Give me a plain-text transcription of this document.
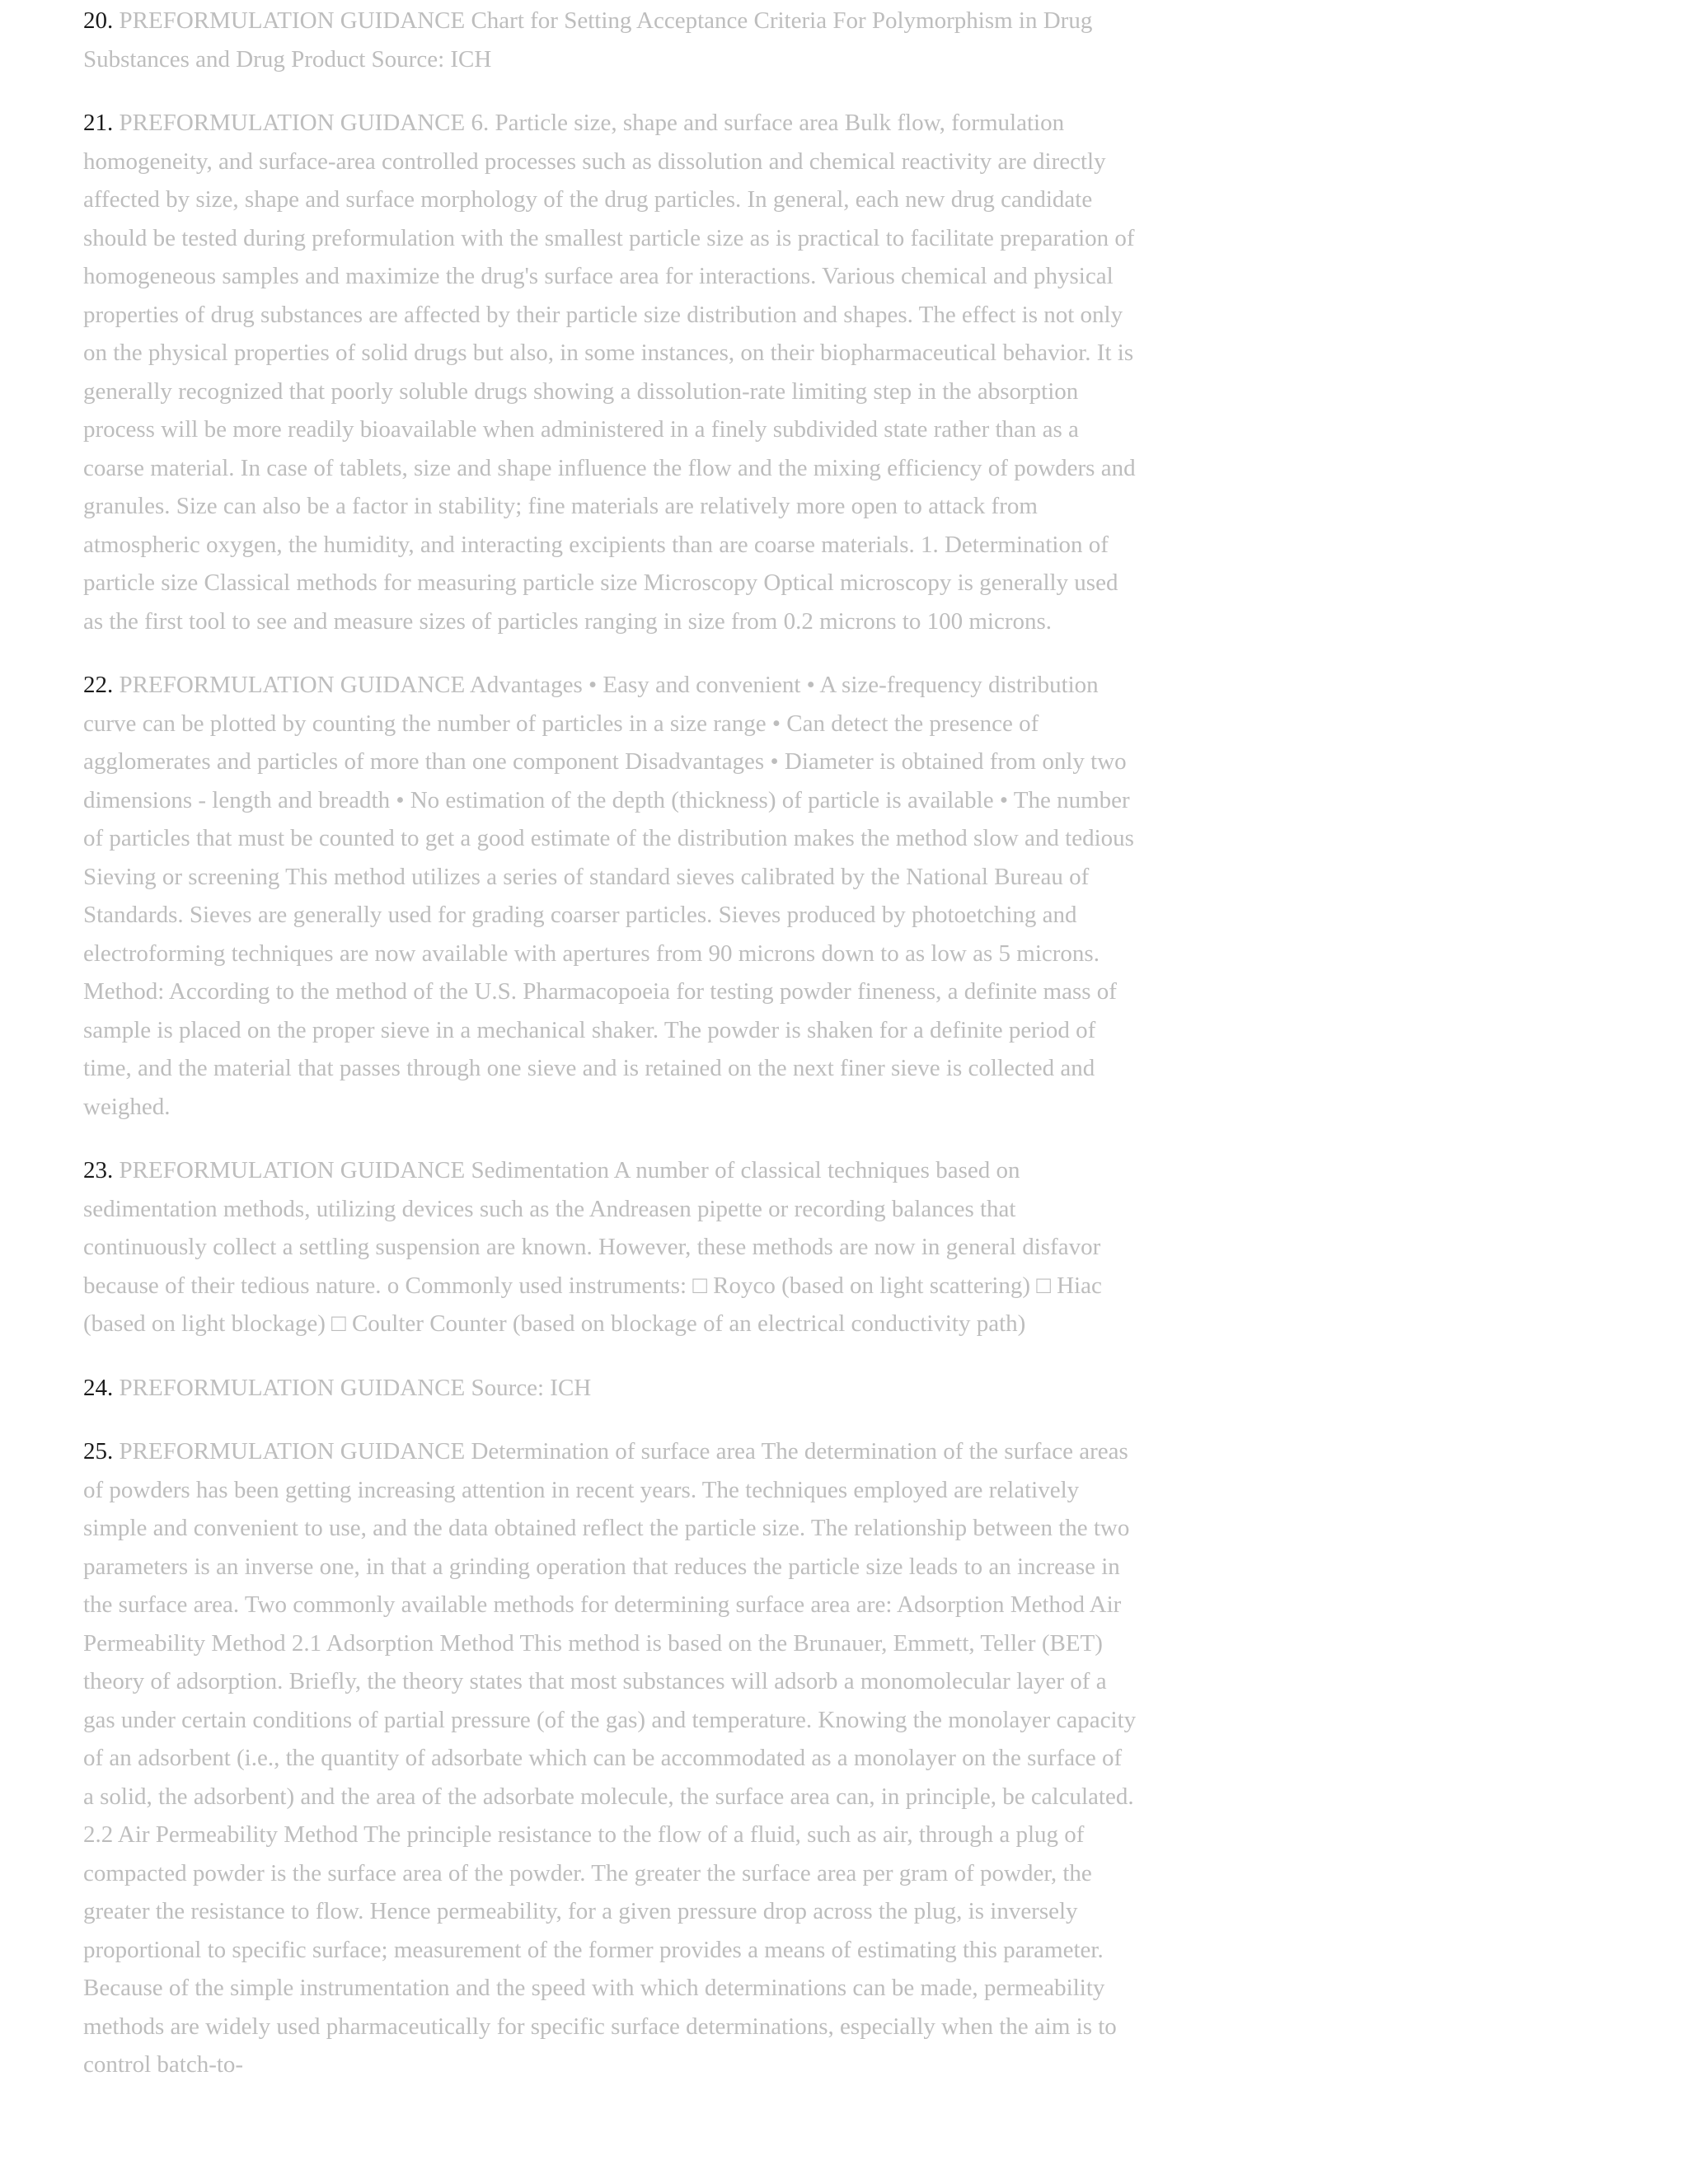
20. PREFORMULATION GUIDANCE Chart for Setting Acceptance Criteria For Polymorphism in Drug Substances and Drug Product Source: ICH

21. PREFORMULATION GUIDANCE 6. Particle size, shape and surface area Bulk flow, formulation homogeneity, and surface-area controlled processes such as dissolution and chemical reactivity are directly affected by size, shape and surface morphology of the drug particles. In general, each new drug candidate should be tested during preformulation with the smallest particle size as is practical to facilitate preparation of homogeneous samples and maximize the drug's surface area for interactions. Various chemical and physical properties of drug substances are affected by their particle size distribution and shapes. The effect is not only on the physical properties of solid drugs but also, in some instances, on their biopharmaceutical behavior. It is generally recognized that poorly soluble drugs showing a dissolution-rate limiting step in the absorption process will be more readily bioavailable when administered in a finely subdivided state rather than as a coarse material. In case of tablets, size and shape influence the flow and the mixing efficiency of powders and granules. Size can also be a factor in stability; fine materials are relatively more open to attack from atmospheric oxygen, the humidity, and interacting excipients than are coarse materials. 1. Determination of particle size Classical methods for measuring particle size Microscopy Optical microscopy is generally used as the first tool to see and measure sizes of particles ranging in size from 0.2 microns to 100 microns.

22. PREFORMULATION GUIDANCE Advantages • Easy and convenient • A size-frequency distribution curve can be plotted by counting the number of particles in a size range • Can detect the presence of agglomerates and particles of more than one component Disadvantages • Diameter is obtained from only two dimensions - length and breadth • No estimation of the depth (thickness) of particle is available • The number of particles that must be counted to get a good estimate of the distribution makes the method slow and tedious Sieving or screening This method utilizes a series of standard sieves calibrated by the National Bureau of Standards. Sieves are generally used for grading coarser particles. Sieves produced by photoetching and electroforming techniques are now available with apertures from 90 microns down to as low as 5 microns. Method: According to the method of the U.S. Pharmacopoeia for testing powder fineness, a definite mass of sample is placed on the proper sieve in a mechanical shaker. The powder is shaken for a definite period of time, and the material that passes through one sieve and is retained on the next finer sieve is collected and weighed.

23. PREFORMULATION GUIDANCE Sedimentation A number of classical techniques based on sedimentation methods, utilizing devices such as the Andreasen pipette or recording balances that continuously collect a settling suspension are known. However, these methods are now in general disfavor because of their tedious nature. o Commonly used instruments: □ Royco (based on light scattering) □ Hiac (based on light blockage) □ Coulter Counter (based on blockage of an electrical conductivity path)

24. PREFORMULATION GUIDANCE Source: ICH

25. PREFORMULATION GUIDANCE Determination of surface area The determination of the surface areas of powders has been getting increasing attention in recent years. The techniques employed are relatively simple and convenient to use, and the data obtained reflect the particle size. The relationship between the two parameters is an inverse one, in that a grinding operation that reduces the particle size leads to an increase in the surface area. Two commonly available methods for determining surface area are: Adsorption Method Air Permeability Method 2.1 Adsorption Method This method is based on the Brunauer, Emmett, Teller (BET) theory of adsorption. Briefly, the theory states that most substances will adsorb a monomolecular layer of a gas under certain conditions of partial pressure (of the gas) and temperature. Knowing the monolayer capacity of an adsorbent (i.e., the quantity of adsorbate which can be accommodated as a monolayer on the surface of a solid, the adsorbent) and the area of the adsorbate molecule, the surface area can, in principle, be calculated. 2.2 Air Permeability Method The principle resistance to the flow of a fluid, such as air, through a plug of compacted powder is the surface area of the powder. The greater the surface area per gram of powder, the greater the resistance to flow. Hence permeability, for a given pressure drop across the plug, is inversely proportional to specific surface; measurement of the former provides a means of estimating this parameter. Because of the simple instrumentation and the speed with which determinations can be made, permeability methods are widely used pharmaceutically for specific surface determinations, especially when the aim is to control batch-to-
